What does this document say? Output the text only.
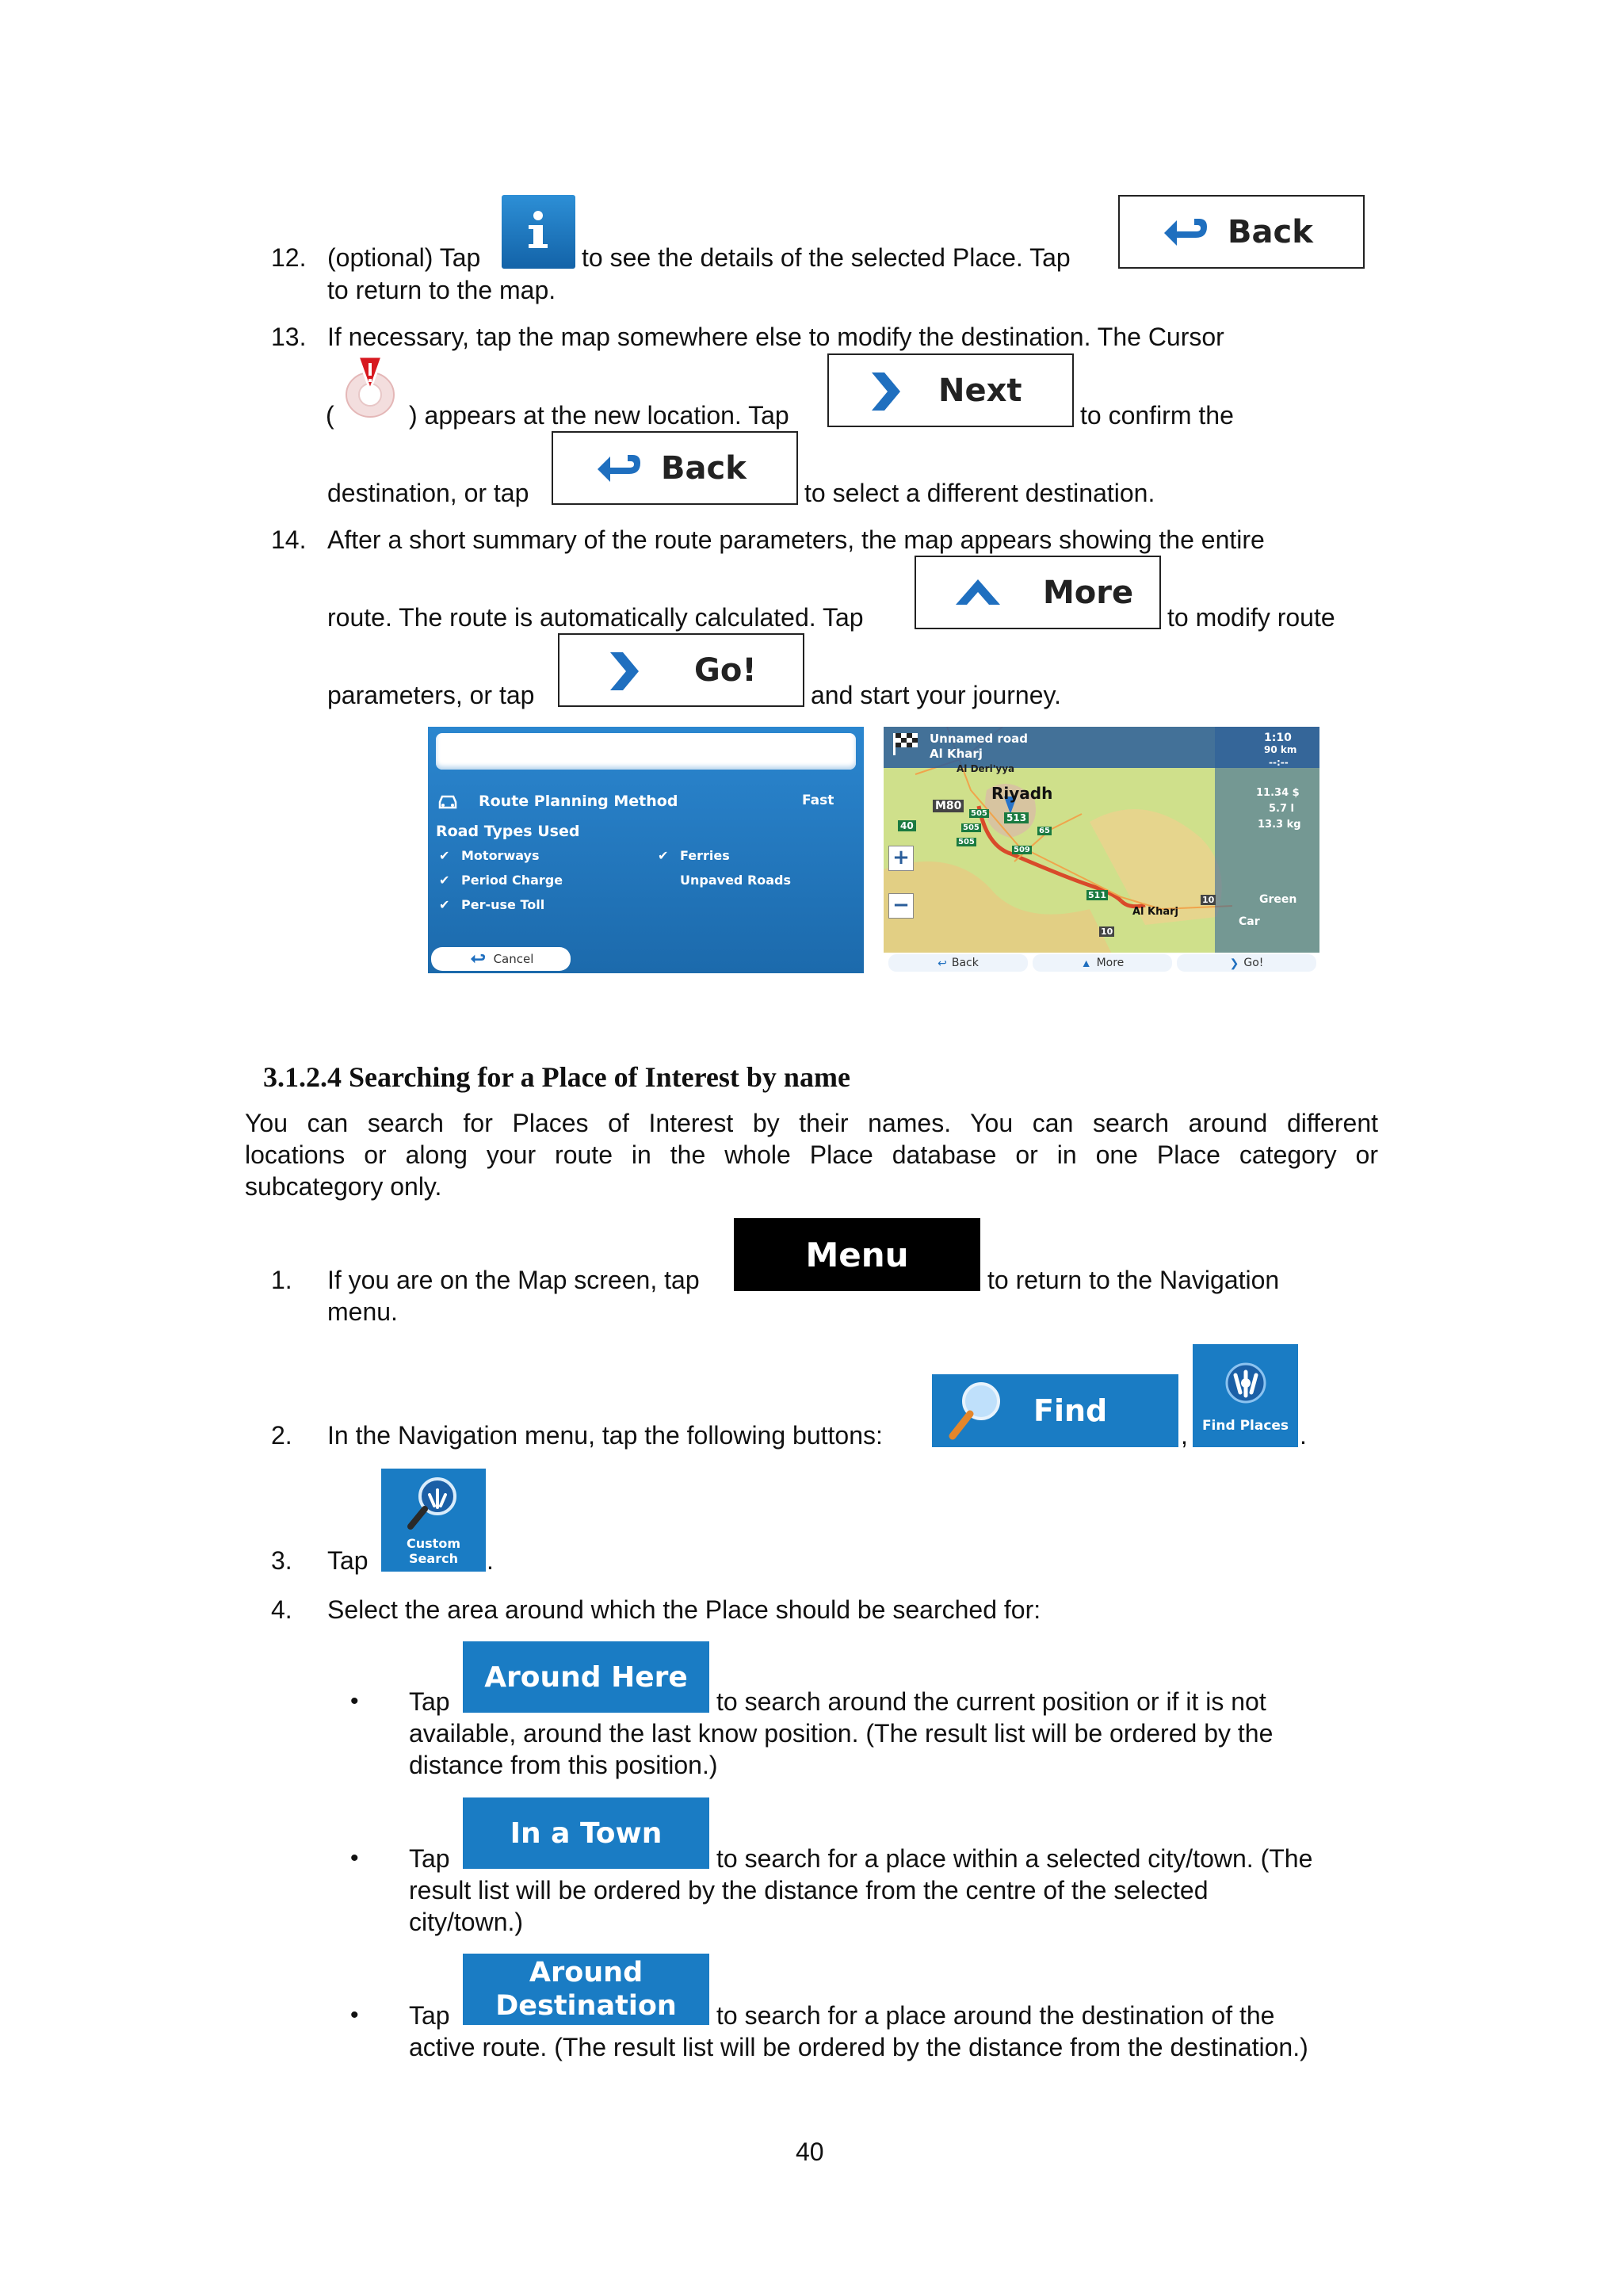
12. (optional) Tap	to see the details of the selected Place. Tap
Back
to return to the map.
13. If necessary, tap the map somewhere else to modify the destination. The Cursor
(	) appears at the new location. Tap
Next
to confirm the
destination, or tap
Back
to select a different destination.
14. After a short summary of the route parameters, the map appears showing the entire
route. The route is automatically calculated. Tap
More
to modify route
parameters, or tap
Go!
and start your journey.
Route Planning Method	Fast
Road Types Used
✔ Motorways
✔ Period Charge
✔ Per-use Toll
✔ Ferries
Unpaved Roads
Cancel
Unnamed road
Al Kharj
Al Deri'yya
Riyadh
Al Kharj
M80
513
40	505
505
509
505
65
511
10
10
+
−
1:10
90 km
--:--
11.34 $
5.7 l
13.3 kg
Green
Car
↩ Back	▲ More	❯ Go!
3.1.2.4 Searching for a Place of Interest by name
You can search for Places of Interest by their names. You can search around different
locations or along your route in the whole Place database or in one Place category or
subcategory only.
1. If you are on the Map screen, tap
Menu
to return to the Navigation
menu.
2. In the Navigation menu, tap the following buttons:
Find
, Find Places .
3. Tap
Custom Search	.
4. Select the area around which the Place should be searched for:
• Tap
Around Here
to search around the current position or if it is not
available, around the last know position. (The result list will be ordered by the
distance from this position.)
• Tap
In a Town
to search for a place within a selected city/town. (The
result list will be ordered by the distance from the centre of the selected
city/town.)
• Tap
Around
Destination to search for a place around the destination of the
active route. (The result list will be ordered by the distance from the destination.)
40
